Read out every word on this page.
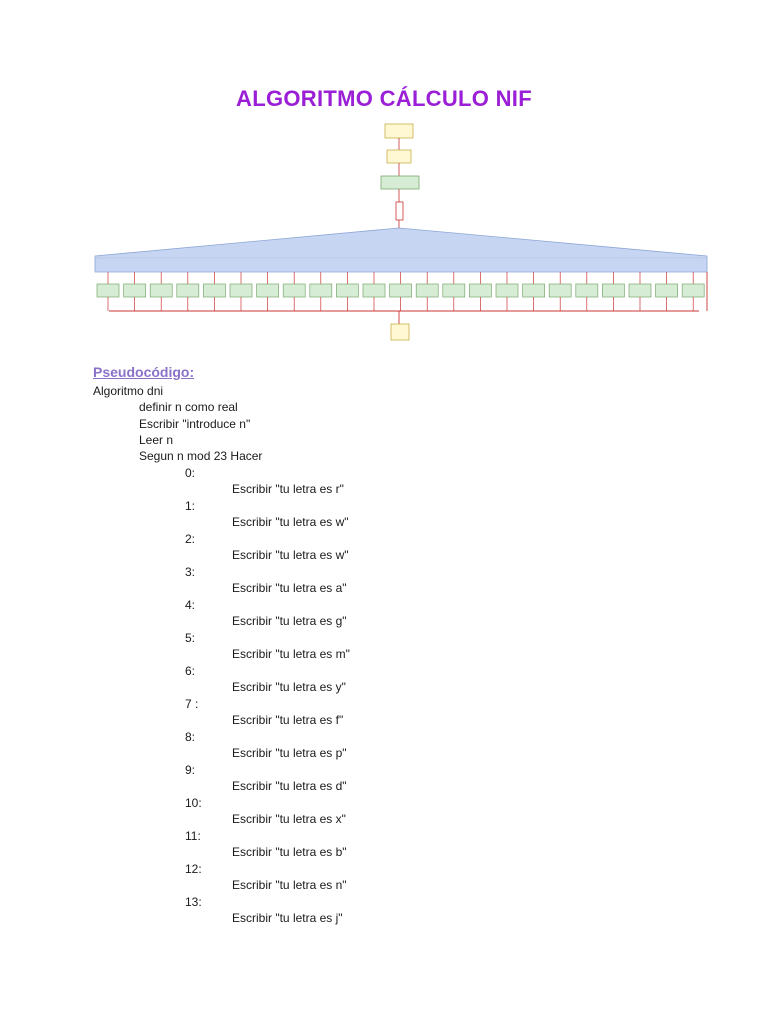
ALGORITMO CÁLCULO NIF
Pseudocódigo:
Algoritmo dni
definir n como real
Escribir "introduce n"
Leer n
Segun n mod 23 Hacer
0:
Escribir "tu letra es r"
1:
Escribir "tu letra es w"
2:
Escribir "tu letra es w"
3:
Escribir "tu letra es a"
4:
Escribir "tu letra es g"
5:
Escribir "tu letra es m"
6:
Escribir "tu letra es y"
7 :
Escribir "tu letra es f"
8:
Escribir "tu letra es p"
9:
Escribir "tu letra es d"
10:
Escribir "tu letra es x"
11:
Escribir "tu letra es b"
12:
Escribir "tu letra es n"
13:
Escribir "tu letra es j"
